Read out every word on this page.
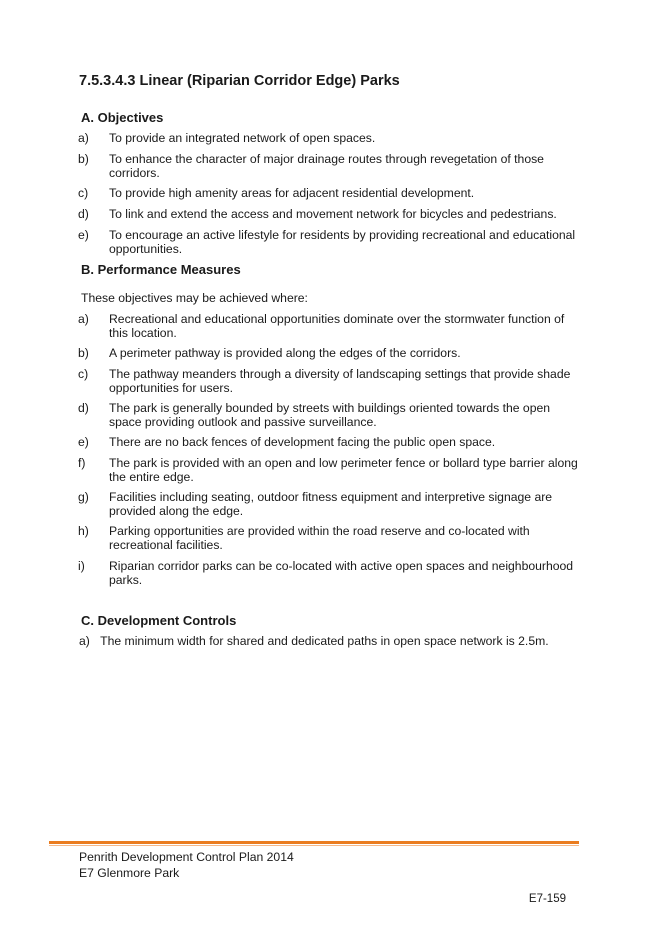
7.5.3.4.3 Linear (Riparian Corridor Edge) Parks
A. Objectives
a) To provide an integrated network of open spaces.
b) To enhance the character of major drainage routes through revegetation of those corridors.
c) To provide high amenity areas for adjacent residential development.
d) To link and extend the access and movement network for bicycles and pedestrians.
e) To encourage an active lifestyle for residents by providing recreational and educational opportunities.
B. Performance Measures
These objectives may be achieved where:
a) Recreational and educational opportunities dominate over the stormwater function of this location.
b) A perimeter pathway is provided along the edges of the corridors.
c) The pathway meanders through a diversity of landscaping settings that provide shade opportunities for users.
d) The park is generally bounded by streets with buildings oriented towards the open space providing outlook and passive surveillance.
e) There are no back fences of development facing the public open space.
f) The park is provided with an open and low perimeter fence or bollard type barrier along the entire edge.
g) Facilities including seating, outdoor fitness equipment and interpretive signage are provided along the edge.
h) Parking opportunities are provided within the road reserve and co-located with recreational facilities.
i) Riparian corridor parks can be co-located with active open spaces and neighbourhood parks.
C. Development Controls
a) The minimum width for shared and dedicated paths in open space network is 2.5m.
Penrith Development Control Plan 2014
E7 Glenmore Park
E7-159
